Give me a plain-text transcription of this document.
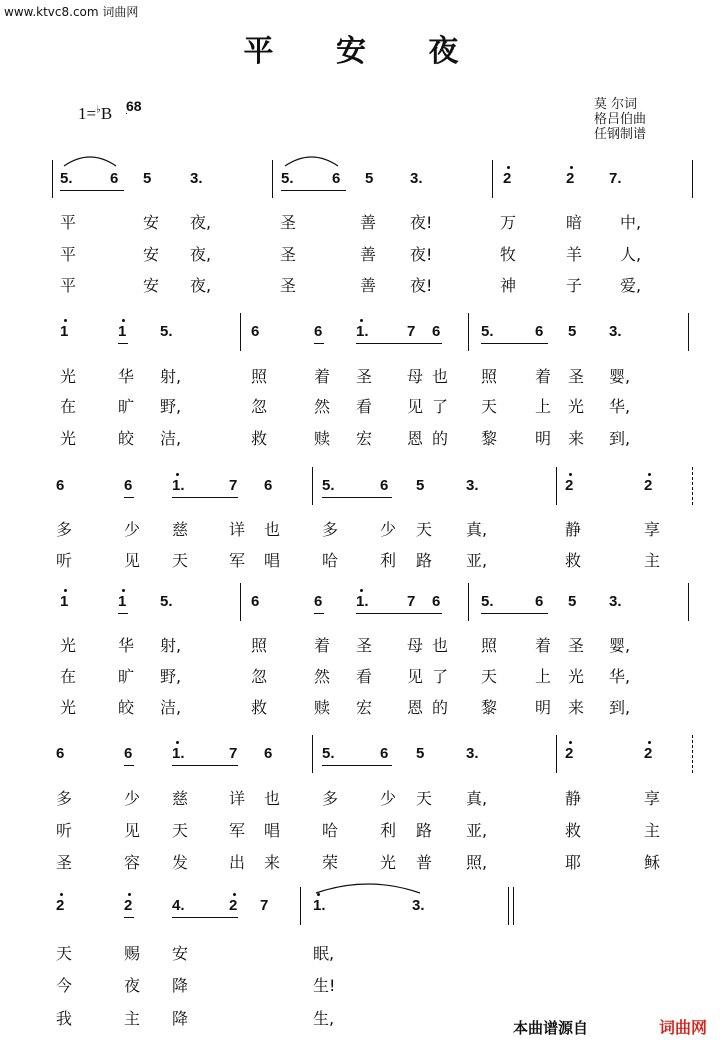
www.ktvc8.com 词曲网
平 安 夜
1=♭B 6
8	莫 尔词
格吕伯曲
任钢制谱
5. 6 5	3.	5.	6 5 3.	2	2 7.
平	安 夜,	圣	善 夜!	万	暗 中,
平	安 夜,	圣	善 夜!	牧	羊 人,
平	安 夜,	圣	善 夜!	神	子 爱,
1	1 5.	6	6 1.	7 6	5.	6 5 3.
光	华 射,	照	着 圣 母 也 照 着 圣 婴,
在	旷 野,	忽	然 看 见 了 天 上 光 华,
光	皎 洁,	救	赎 宏 恩 的 黎 明 来 到,
6	6	1.	7 6	5.	6 5	3.	2	2
多	少 慈	详 也	多	少 天 真,	静	享
听	见 天	军 唱	哈	利 路 亚,	救	主
1	1 5.	6	6 1.	7 6	5.	6 5 3.
光	华 射,	照	着 圣 母 也 照 着 圣 婴,
在	旷 野,	忽	然 看 见 了 天 上 光 华,
光	皎 洁,	救	赎 宏 恩 的 黎 明 来 到,
6	6	1.	7 6	5.	6 5	3.	2	2
多	少 慈	详 也	多	少 天 真,	静	享
听	见 天	军 唱	哈	利 路 亚,	救	主
圣	容 发	出 来	荣	光 普 照,	耶	稣
2	2	4.	2 7	1.	3.
天	赐 安	眠,
今	夜 降	生!
我	主 降	生,	本曲谱源自	词曲网
